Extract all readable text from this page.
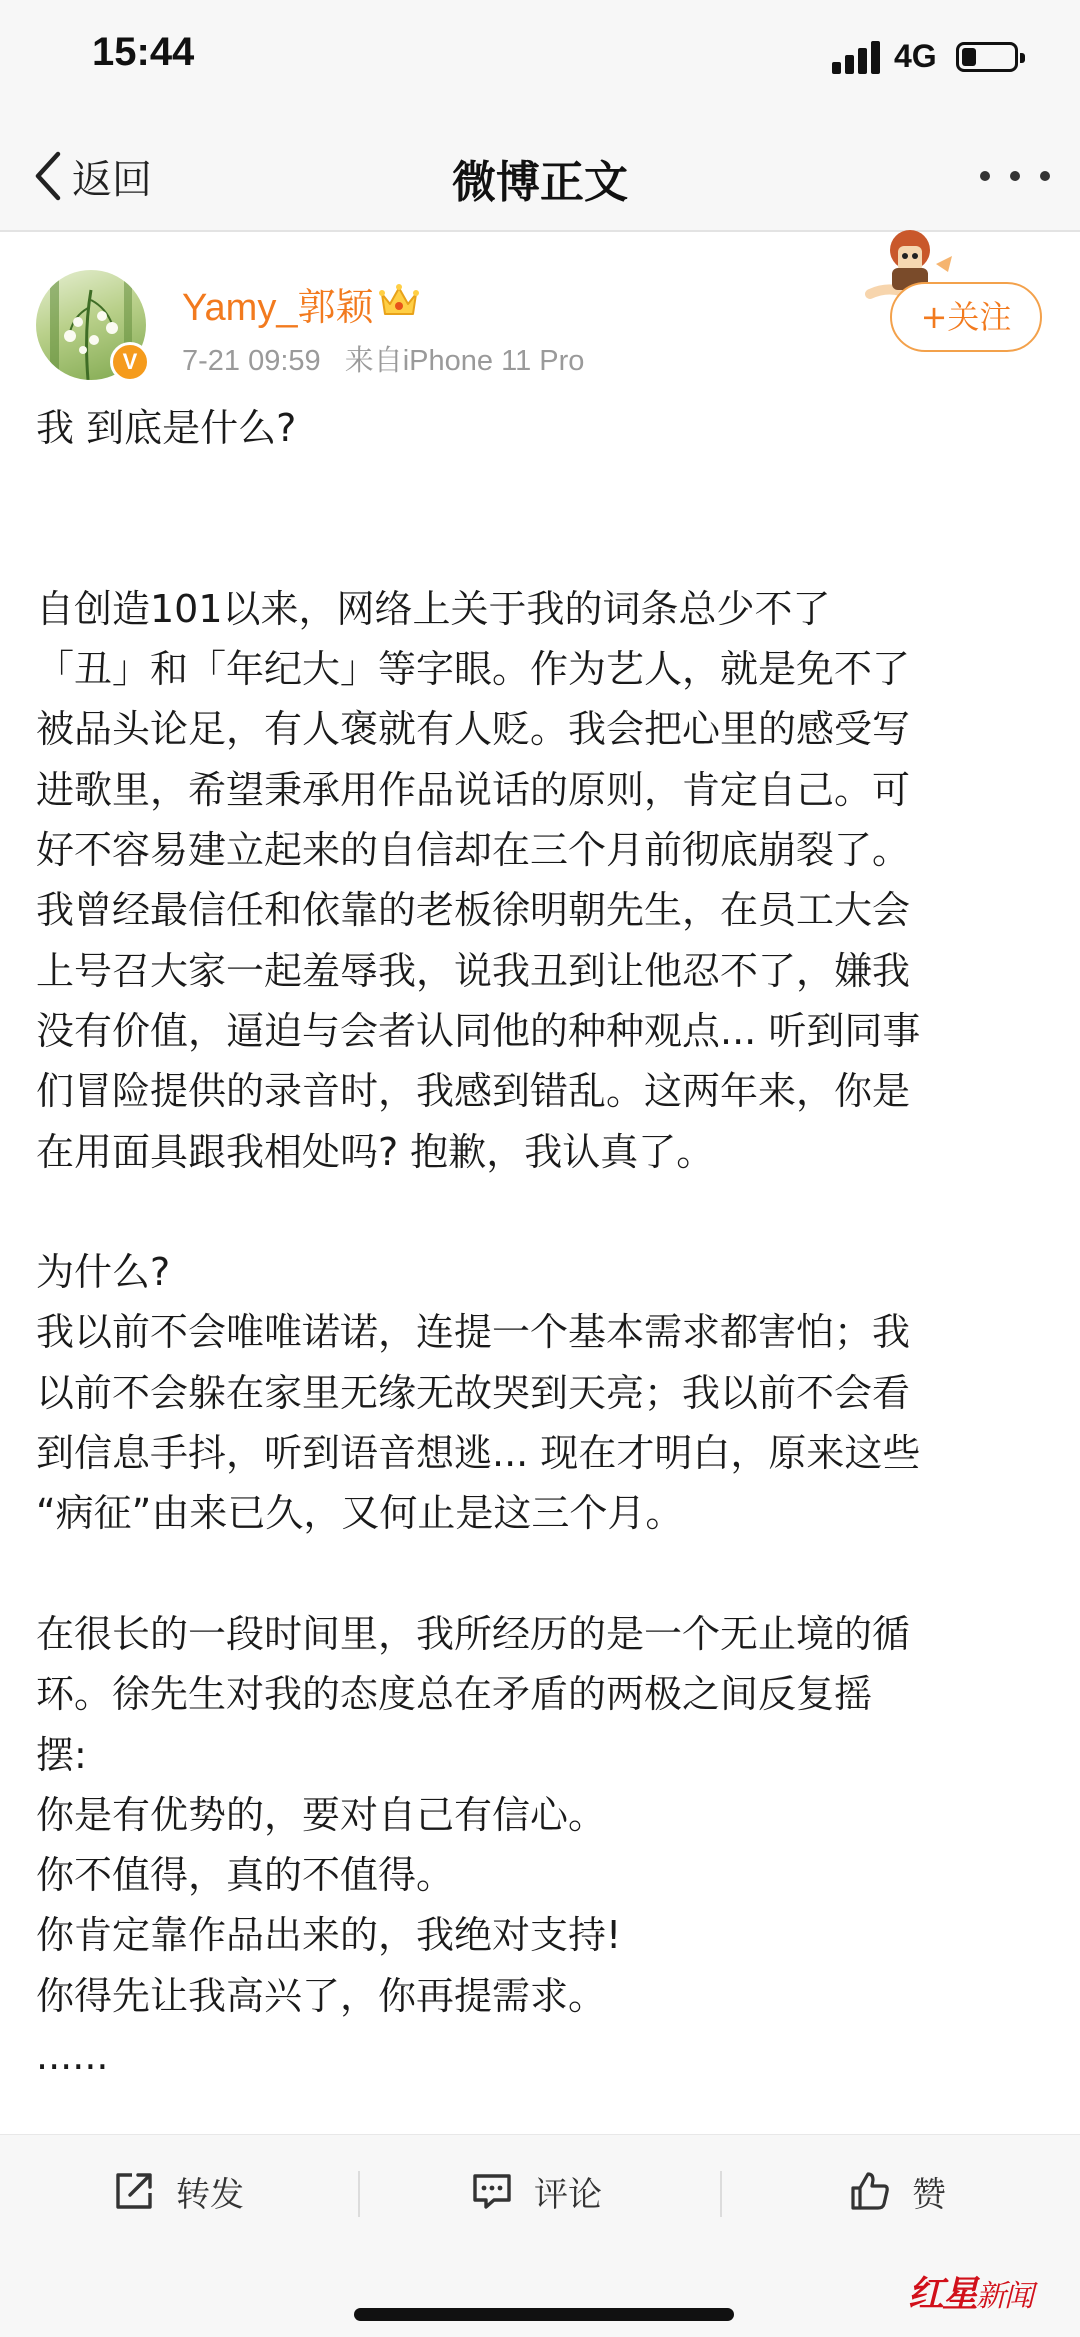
15:44	4G
返回	微博正文
V
Yamy_郭颖
7-21 09:59 来自iPhone 11 Pro
+关注

我 到底是什么?

自创造101以来，网络上关于我的词条总少不了

「丑」和「年纪大」等字眼。作为艺人，就是免不了

被品头论足，有人褒就有人贬。我会把心里的感受写

进歌里，希望秉承用作品说话的原则，肯定自己。可

好不容易建立起来的自信却在三个月前彻底崩裂了。

我曾经最信任和依靠的老板徐明朝先生，在员工大会

上号召大家一起羞辱我，说我丑到让他忍不了，嫌我

没有价值，逼迫与会者认同他的种种观点... 听到同事

们冒险提供的录音时，我感到错乱。这两年来，你是

在用面具跟我相处吗? 抱歉，我认真了。

为什么?

我以前不会唯唯诺诺，连提一个基本需求都害怕；我

以前不会躲在家里无缘无故哭到天亮；我以前不会看

到信息手抖，听到语音想逃... 现在才明白，原来这些

“病征”由来已久，又何止是这三个月。

在很长的一段时间里，我所经历的是一个无止境的循

环。徐先生对我的态度总在矛盾的两极之间反复摇

摆:

你是有优势的，要对自己有信心。

你不值得，真的不值得。

你肯定靠作品出来的，我绝对支持!

你得先让我高兴了，你再提需求。

......

转发	评论	赞
红星新闻
